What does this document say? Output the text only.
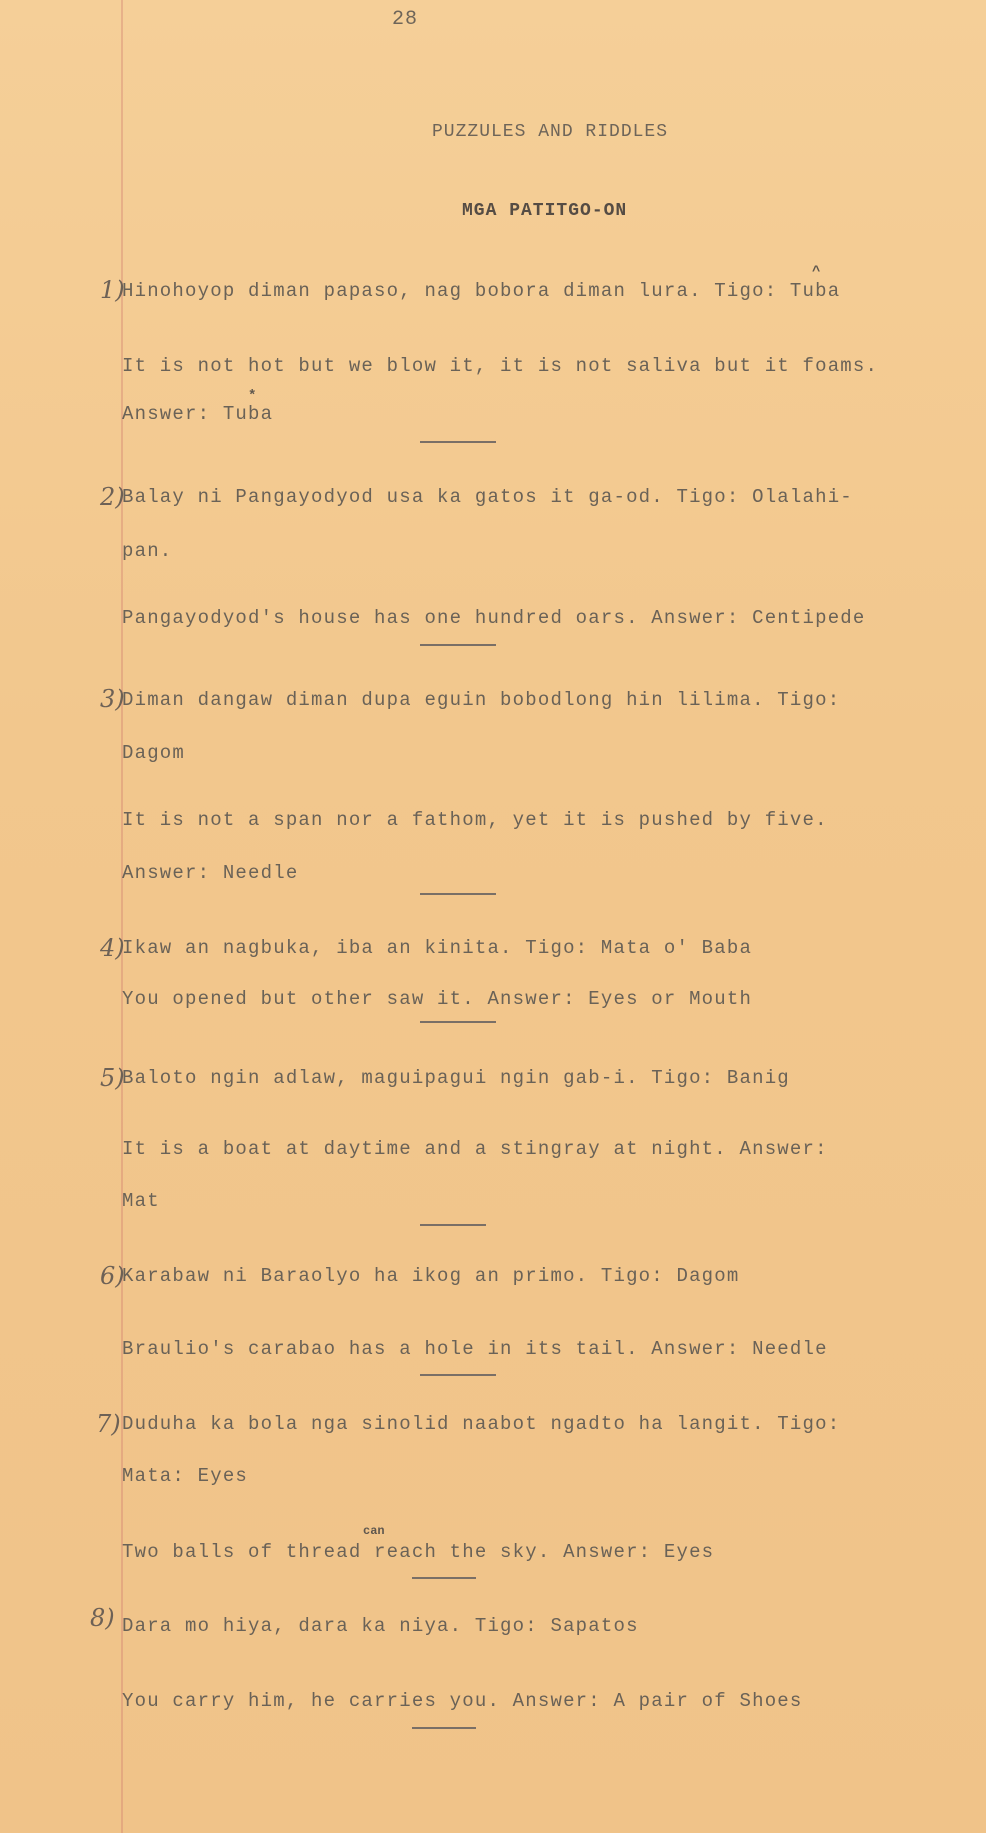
28
PUZZULES AND RIDDLES
MGA PATITGO-ON
1)
Hinohoyop diman papaso, nag bobora diman lura. Tigo: Tuba
^
It is not hot but we blow it, it is not saliva but it foams.
Answer: Tuba
*
2)
Balay ni Pangayodyod usa ka gatos it ga-od. Tigo: Olalahi-
pan.
Pangayodyod's house has one hundred oars. Answer: Centipede
3)
Diman dangaw diman dupa eguin bobodlong hin lilima. Tigo:
Dagom
It is not a span nor a fathom, yet it is pushed by five.
Answer: Needle
4)
Ikaw an nagbuka, iba an kinita. Tigo: Mata o' Baba
You opened but other saw it. Answer: Eyes or Mouth
5)
Baloto ngin adlaw, maguipagui ngin gab-i. Tigo: Banig
It is a boat at daytime and a stingray at night. Answer:
Mat
6)
Karabaw ni Baraolyo ha ikog an primo. Tigo: Dagom
Braulio's carabao has a hole in its tail. Answer: Needle
7) Duduha ka bola nga sinolid naabot ngadto ha langit. Tigo:
Mata: Eyes
can
Two balls of thread reach the sky. Answer: Eyes
8) Dara mo hiya, dara ka niya. Tigo: Sapatos
You carry him, he carries you. Answer: A pair of Shoes
